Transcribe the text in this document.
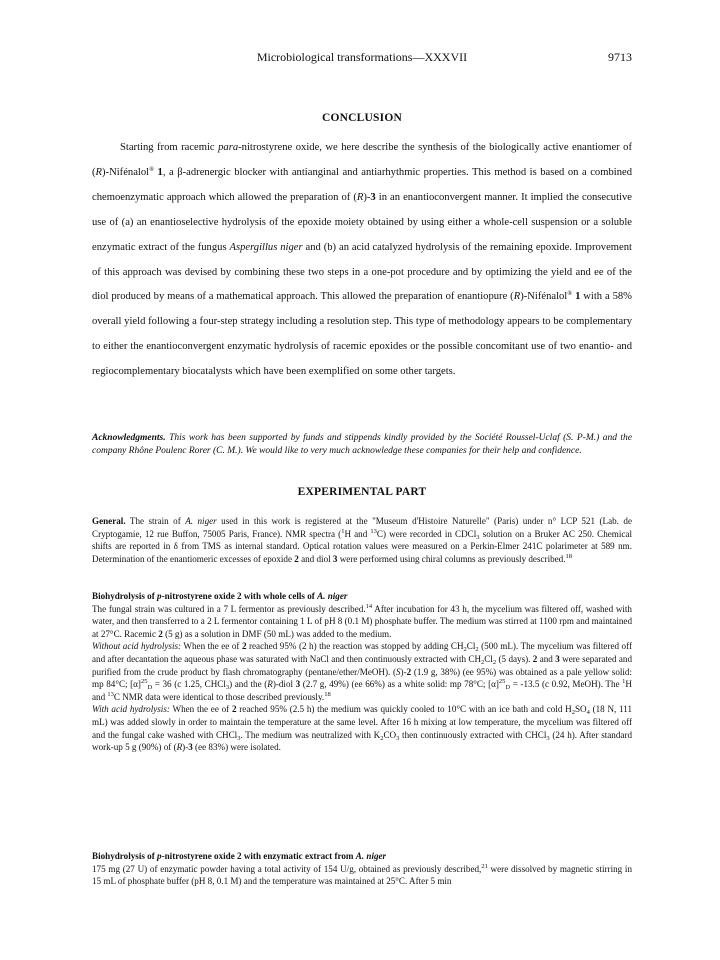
Microbiological transformations—XXXVII	9713
CONCLUSION
Starting from racemic para-nitrostyrene oxide, we here describe the synthesis of the biologically active enantiomer of (R)-Nifénalol® 1, a β-adrenergic blocker with antianginal and antiarhythmic properties. This method is based on a combined chemoenzymatic approach which allowed the preparation of (R)-3 in an enantioconvergent manner. It implied the consecutive use of (a) an enantioselective hydrolysis of the epoxide moiety obtained by using either a whole-cell suspension or a soluble enzymatic extract of the fungus Aspergillus niger and (b) an acid catalyzed hydrolysis of the remaining epoxide. Improvement of this approach was devised by combining these two steps in a one-pot procedure and by optimizing the yield and ee of the diol produced by means of a mathematical approach. This allowed the preparation of enantiopure (R)-Nifénalol® 1 with a 58% overall yield following a four-step strategy including a resolution step. This type of methodology appears to be complementary to either the enantioconvergent enzymatic hydrolysis of racemic epoxides or the possible concomitant use of two enantio- and regiocomplementary biocatalysts which have been exemplified on some other targets.
Acknowledgments. This work has been supported by funds and stippends kindly provided by the Société Roussel-Uclaf (S. P-M.) and the company Rhône Poulenc Rorer (C. M.). We would like to very much acknowledge these companies for their help and confidence.
EXPERIMENTAL PART
General. The strain of A. niger used in this work is registered at the "Museum d'Histoire Naturelle" (Paris) under n° LCP 521 (Lab. de Cryptogamie, 12 rue Buffon, 75005 Paris, France). NMR spectra ($^1$H and $^{13}$C) were recorded in CDCl$_3$ solution on a Bruker AC 250. Chemical shifts are reported in δ from TMS as internal standard. Optical rotation values were measured on a Perkin-Elmer 241C polarimeter at 589 nm. Determination of the enantiomeric excesses of epoxide 2 and diol 3 were performed using chiral columns as previously described.$^{18}$
Biohydrolysis of p-nitrostyrene oxide 2 with whole cells of A. niger
The fungal strain was cultured in a 7 L fermentor as previously described.$^{14}$ After incubation for 43 h, the mycelium was filtered off, washed with water, and then transferred to a 2 L fermentor containing 1 L of pH 8 (0.1 M) phosphate buffer. The medium was stirred at 1100 rpm and maintained at 27°C. Racemic 2 (5 g) as a solution in DMF (50 mL) was added to the medium.
Without acid hydrolysis: When the ee of 2 reached 95% (2 h) the reaction was stopped by adding $CH_2Cl_2$ (500 mL). The mycelium was filtered off and after decantation the aqueous phase was saturated with NaCl and then continuously extracted with $CH_2Cl_2$ (5 days). 2 and 3 were separated and purified from the crude product by flash chromatography (pentane/ether/MeOH). (S)-2 (1.9 g, 38%) (ee 95%) was obtained as a pale yellow solid: mp 84°C; $[\alpha]^{25}_D = 36$ (c 1.25, CHCl$_3$) and the (R)-diol 3 (2.7 g, 49%) (ee 66%) as a white solid: mp 78°C; $[\alpha]^{25}_D = -13.5$ (c 0.92, MeOH). The $^1$H and $^{13}$C NMR data were identical to those described previously.$^{18}$
With acid hydrolysis: When the ee of 2 reached 95% (2.5 h) the medium was quickly cooled to 10°C with an ice bath and cold $H_2SO_4$ (18 N, 111 mL) was added slowly in order to maintain the temperature at the same level. After 16 h mixing at low temperature, the mycelium was filtered off and the fungal cake washed with CHCl$_3$. The medium was neutralized with $K_2CO_3$ then continuously extracted with CHCl$_3$ (24 h). After standard work-up 5 g (90%) of (R)-3 (ee 83%) were isolated.
Biohydrolysis of p-nitrostyrene oxide 2 with enzymatic extract from A. niger
175 mg (27 U) of enzymatic powder having a total activity of 154 U/g, obtained as previously described,$^{21}$ were dissolved by magnetic stirring in 15 mL of phosphate buffer (pH 8, 0.1 M) and the temperature was maintained at 25°C. After 5 min
